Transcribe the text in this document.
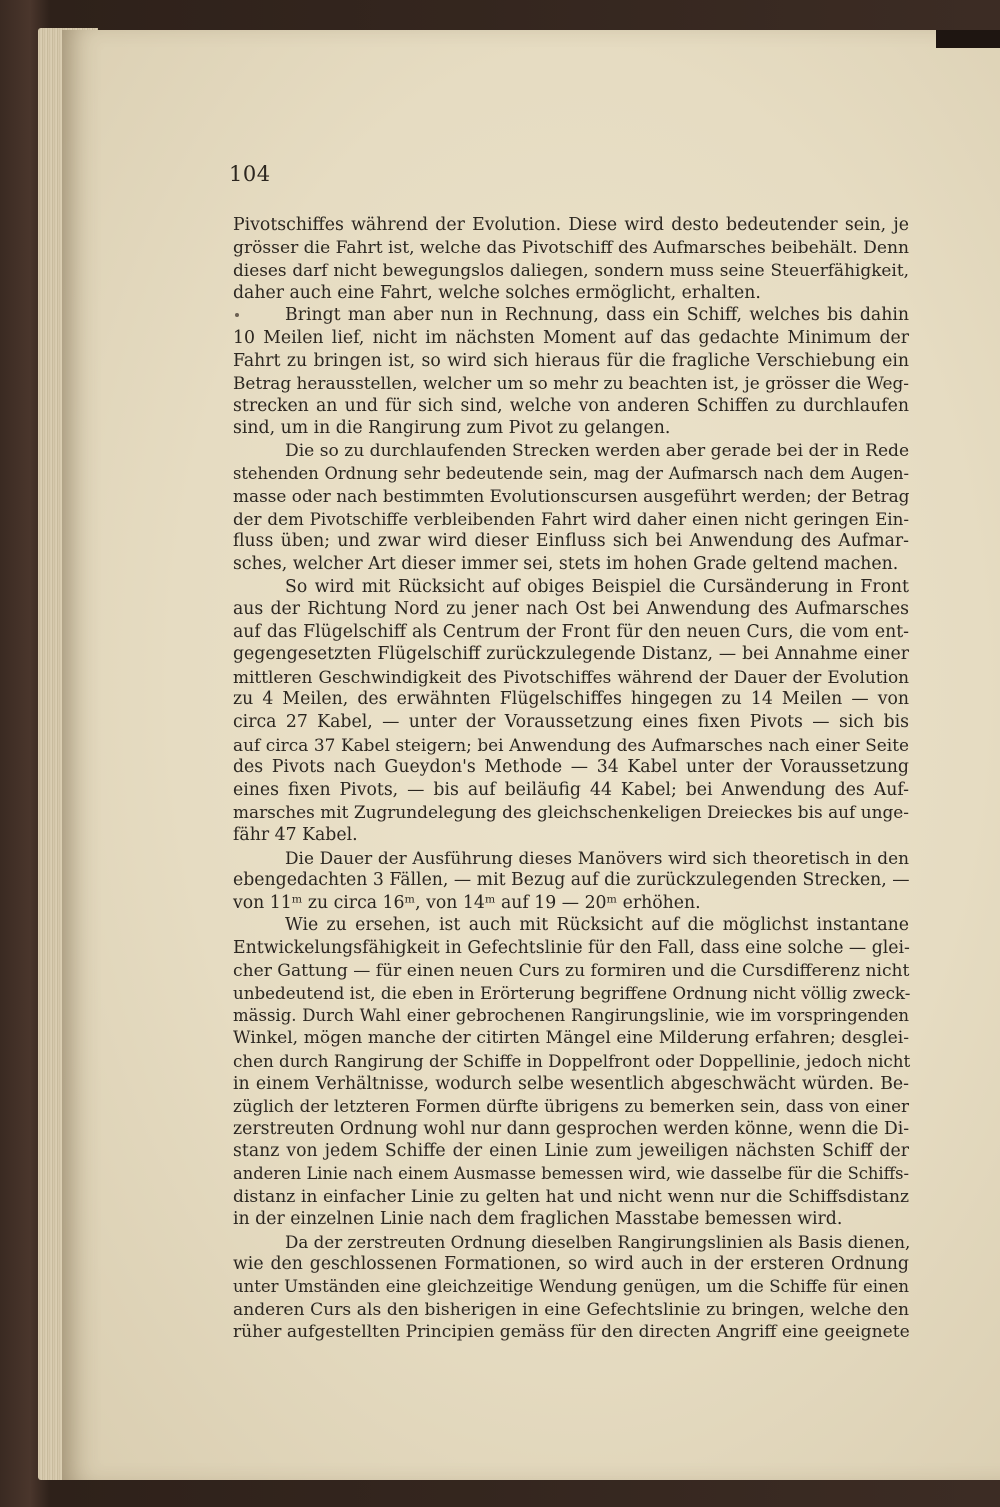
104
Pivotschiffes während der Evolution. Diese wird desto bedeutender sein, je
grösser die Fahrt ist, welche das Pivotschiff des Aufmarsches beibehält. Denn
dieses darf nicht bewegungslos daliegen, sondern muss seine Steuerfähigkeit,
daher auch eine Fahrt, welche solches ermöglicht, erhalten.
Bringt man aber nun in Rechnung, dass ein Schiff, welches bis dahin
10 Meilen lief, nicht im nächsten Moment auf das gedachte Minimum der
Fahrt zu bringen ist, so wird sich hieraus für die fragliche Verschiebung ein
Betrag herausstellen, welcher um so mehr zu beachten ist, je grösser die Weg-
strecken an und für sich sind, welche von anderen Schiffen zu durchlaufen
sind, um in die Rangirung zum Pivot zu gelangen.
Die so zu durchlaufenden Strecken werden aber gerade bei der in Rede
stehenden Ordnung sehr bedeutende sein, mag der Aufmarsch nach dem Augen-
masse oder nach bestimmten Evolutionscursen ausgeführt werden; der Betrag
der dem Pivotschiffe verbleibenden Fahrt wird daher einen nicht geringen Ein-
fluss üben; und zwar wird dieser Einfluss sich bei Anwendung des Aufmar-
sches, welcher Art dieser immer sei, stets im hohen Grade geltend machen.
So wird mit Rücksicht auf obiges Beispiel die Cursänderung in Front
aus der Richtung Nord zu jener nach Ost bei Anwendung des Aufmarsches
auf das Flügelschiff als Centrum der Front für den neuen Curs, die vom ent-
gegengesetzten Flügelschiff zurückzulegende Distanz, — bei Annahme einer
mittleren Geschwindigkeit des Pivotschiffes während der Dauer der Evolution
zu 4 Meilen, des erwähnten Flügelschiffes hingegen zu 14 Meilen — von
circa 27 Kabel, — unter der Voraussetzung eines fixen Pivots — sich bis
auf circa 37 Kabel steigern; bei Anwendung des Aufmarsches nach einer Seite
des Pivots nach Gueydon's Methode — 34 Kabel unter der Voraussetzung
eines fixen Pivots, — bis auf beiläufig 44 Kabel; bei Anwendung des Auf-
marsches mit Zugrundelegung des gleichschenkeligen Dreieckes bis auf unge-
fähr 47 Kabel.
Die Dauer der Ausführung dieses Manövers wird sich theoretisch in den
ebengedachten 3 Fällen, — mit Bezug auf die zurückzulegenden Strecken, —
von 11ᵐ zu circa 16ᵐ, von 14ᵐ auf 19 — 20ᵐ erhöhen.
Wie zu ersehen, ist auch mit Rücksicht auf die möglichst instantane
Entwickelungsfähigkeit in Gefechtslinie für den Fall, dass eine solche — glei-
cher Gattung — für einen neuen Curs zu formiren und die Cursdifferenz nicht
unbedeutend ist, die eben in Erörterung begriffene Ordnung nicht völlig zweck-
mässig. Durch Wahl einer gebrochenen Rangirungslinie, wie im vorspringenden
Winkel, mögen manche der citirten Mängel eine Milderung erfahren; desglei-
chen durch Rangirung der Schiffe in Doppelfront oder Doppellinie, jedoch nicht
in einem Verhältnisse, wodurch selbe wesentlich abgeschwächt würden. Be-
züglich der letzteren Formen dürfte übrigens zu bemerken sein, dass von einer
zerstreuten Ordnung wohl nur dann gesprochen werden könne, wenn die Di-
stanz von jedem Schiffe der einen Linie zum jeweiligen nächsten Schiff der
anderen Linie nach einem Ausmasse bemessen wird, wie dasselbe für die Schiffs-
distanz in einfacher Linie zu gelten hat und nicht wenn nur die Schiffsdistanz
in der einzelnen Linie nach dem fraglichen Masstabe bemessen wird.
Da der zerstreuten Ordnung dieselben Rangirungslinien als Basis dienen,
wie den geschlossenen Formationen, so wird auch in der ersteren Ordnung
unter Umständen eine gleichzeitige Wendung genügen, um die Schiffe für einen
anderen Curs als den bisherigen in eine Gefechtslinie zu bringen, welche den
rüher aufgestellten Principien gemäss für den directen Angriff eine geeignete
